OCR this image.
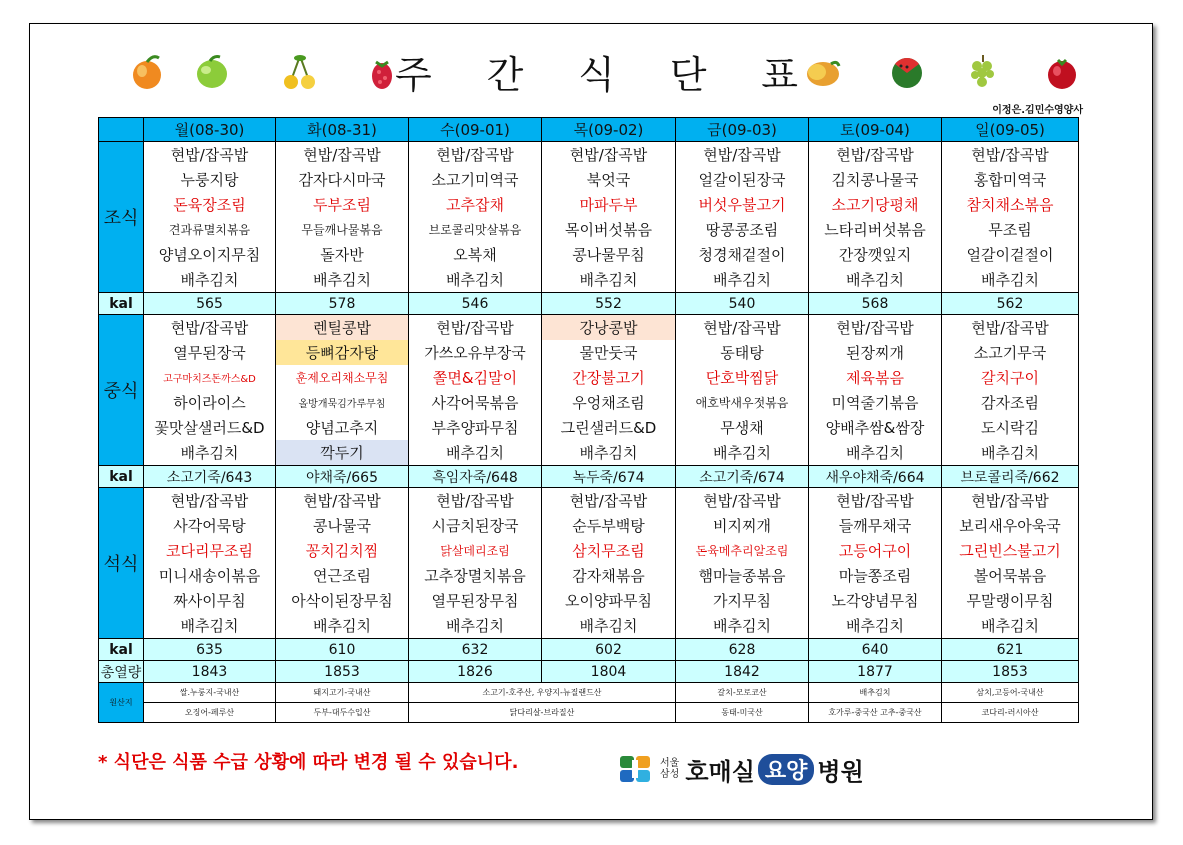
주 간 식 단 표
이정은.김민수영양사
	월(08-30)	화(08-31)	수(09-01)	목(09-02)	금(09-03)	토(09-04)	일(09-05)
조식	현밥/잡곡밥	현밥/잡곡밥	현밥/잡곡밥	현밥/잡곡밥	현밥/잡곡밥	현밥/잡곡밥	현밥/잡곡밥
	누룽지탕	감자다시마국	소고기미역국	북엇국	얼갈이된장국	김치콩나물국	홍합미역국
	돈육장조림	두부조림	고추잡채	마파두부	버섯우불고기	소고기당평채	참치채소볶음
	견과류멸치볶음	무들깨나물볶음	브로콜리맛살볶음	목이버섯볶음	땅콩콩조림	느타리버섯볶음	무조림
	양념오이지무침	돌자반	오복채	콩나물무침	청경채겉절이	간장깻잎지	얼갈이겉절이
	배추김치	배추김치	배추김치	배추김치	배추김치	배추김치	배추김치
kal	565	578	546	552	540	568	562
중식	현밥/잡곡밥	렌틸콩밥	현밥/잡곡밥	강낭콩밥	현밥/잡곡밥	현밥/잡곡밥	현밥/잡곡밥
	열무된장국	등뼈감자탕	가쓰오유부장국	물만둣국	동태탕	된장찌개	소고기무국
	고구마치즈돈까스&D	훈제오리채소무침	쫄면&김말이	간장불고기	단호박찜닭	제육볶음	갈치구이
	하이라이스	올방개묵김가루무침	사각어묵볶음	우엉채조림	애호박새우젓볶음	미역줄기볶음	감자조림
	꽃맛살샐러드&D	양념고추지	부추양파무침	그린샐러드&D	무생채	양배추쌈&쌈장	도시락김
	배추김치	깍두기	배추김치	배추김치	배추김치	배추김치	배추김치
kal	소고기죽/643	야채죽/665	흑임자죽/648	녹두죽/674	소고기죽/674	새우야채죽/664	브로콜리죽/662
석식	현밥/잡곡밥	현밥/잡곡밥	현밥/잡곡밥	현밥/잡곡밥	현밥/잡곡밥	현밥/잡곡밥	현밥/잡곡밥
	사각어묵탕	콩나물국	시금치된장국	순두부백탕	비지찌개	들깨무채국	보리새우아욱국
	코다리무조림	꽁치김치찜	닭살데리조림	삼치무조림	돈육메추리알조림	고등어구이	그린빈스불고기
	미니새송이볶음	연근조림	고추장멸치볶음	감자채볶음	햄마늘종볶음	마늘쫑조림	볼어묵볶음
	짜사이무침	아삭이된장무침	열무된장무침	오이양파무침	가지무침	노각양념무침	무말랭이무침
	배추김치	배추김치	배추김치	배추김치	배추김치	배추김치	배추김치
kal	635	610	632	602	628	640	621
총열량	1843	1853	1826	1804	1842	1877	1853
원산지	쌀.누룽지-국내산	돼지고기-국내산	소고기-호주산, 우양지-뉴질랜드산		갈치-모로코산	배추김치	삼치,고등어-국내산
	오징어-페루산	두부-대두수입산	닭다리살-브라질산		동태-미국산	호가루-중국산 고추-중국산	코다리-러시아산
* 식단은 식품 수급 상황에 따라 변경 될 수 있습니다.	서울
삼성 호매실 요양 병원
